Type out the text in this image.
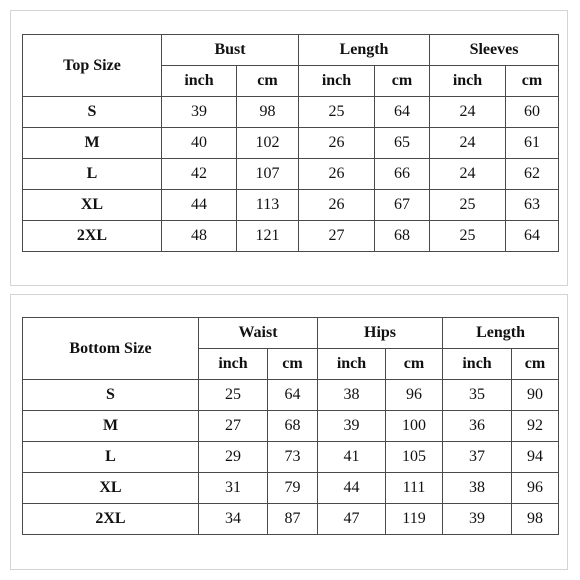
Top Size	Bust		Length		Sleeves	
	inch	cm	inch	cm	inch	cm
S	39	98	25	64	24	60
M	40	102	26	65	24	61
L	42	107	26	66	24	62
XL	44	113	26	67	25	63
2XL	48	121	27	68	25	64
Bottom Size	Waist		Hips		Length	
	inch	cm	inch	cm	inch	cm
S	25	64	38	96	35	90
M	27	68	39	100	36	92
L	29	73	41	105	37	94
XL	31	79	44	111	38	96
2XL	34	87	47	119	39	98
